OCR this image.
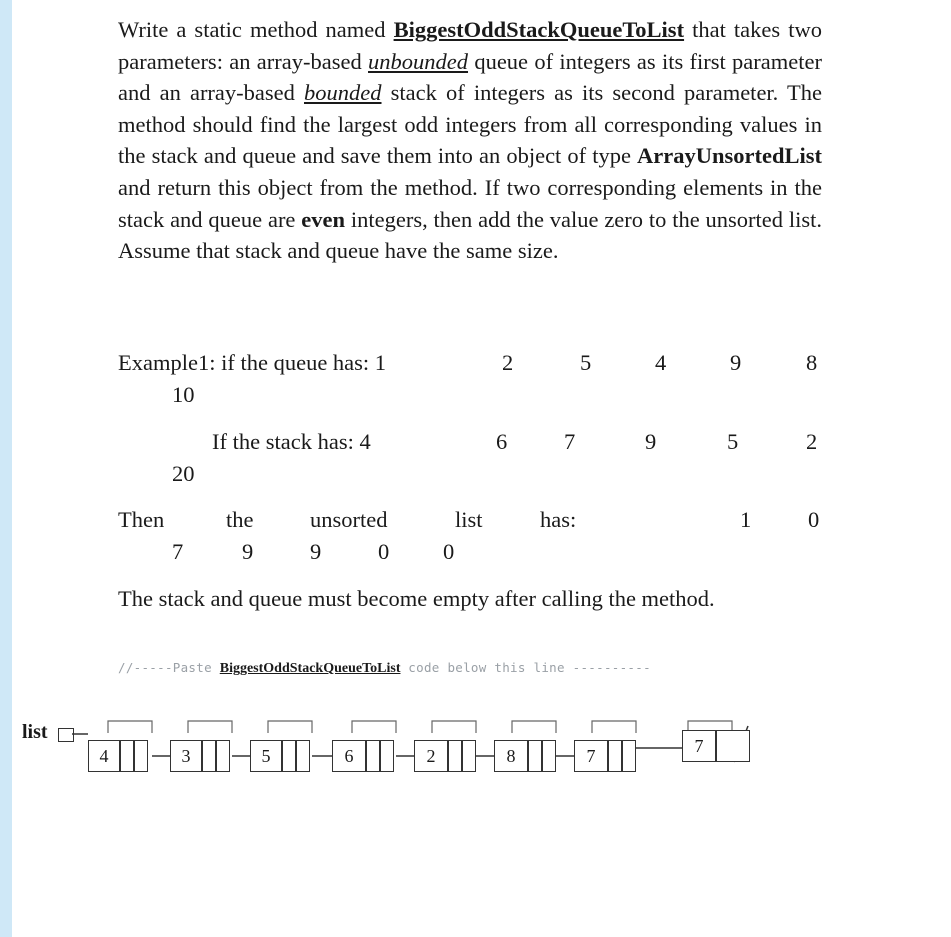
Write a static method named BiggestOddStackQueueToList that takes two parameters: an array-based unbounded queue of integers as its first parameter and an array-based bounded stack of integers as its second parameter. The method should find the largest odd integers from all corresponding values in the stack and queue and save them into an object of type ArrayUnsortedList and return this object from the method. If two corresponding elements in the stack and queue are even integers, then add the value zero to the unsorted list. Assume that stack and queue have the same size.
Example1: if the queue has: 1	2	5	4	9	8
10
If the stack has: 4	6	7	9	5	2
20
Then	the	unsorted	list	has:	1	0
7	9	9	0 0
The stack and queue must become empty after calling the method.
//-----Paste BiggestOddStackQueueToList code below this line ----------
list
4	3	5	6	2	8	7	7
